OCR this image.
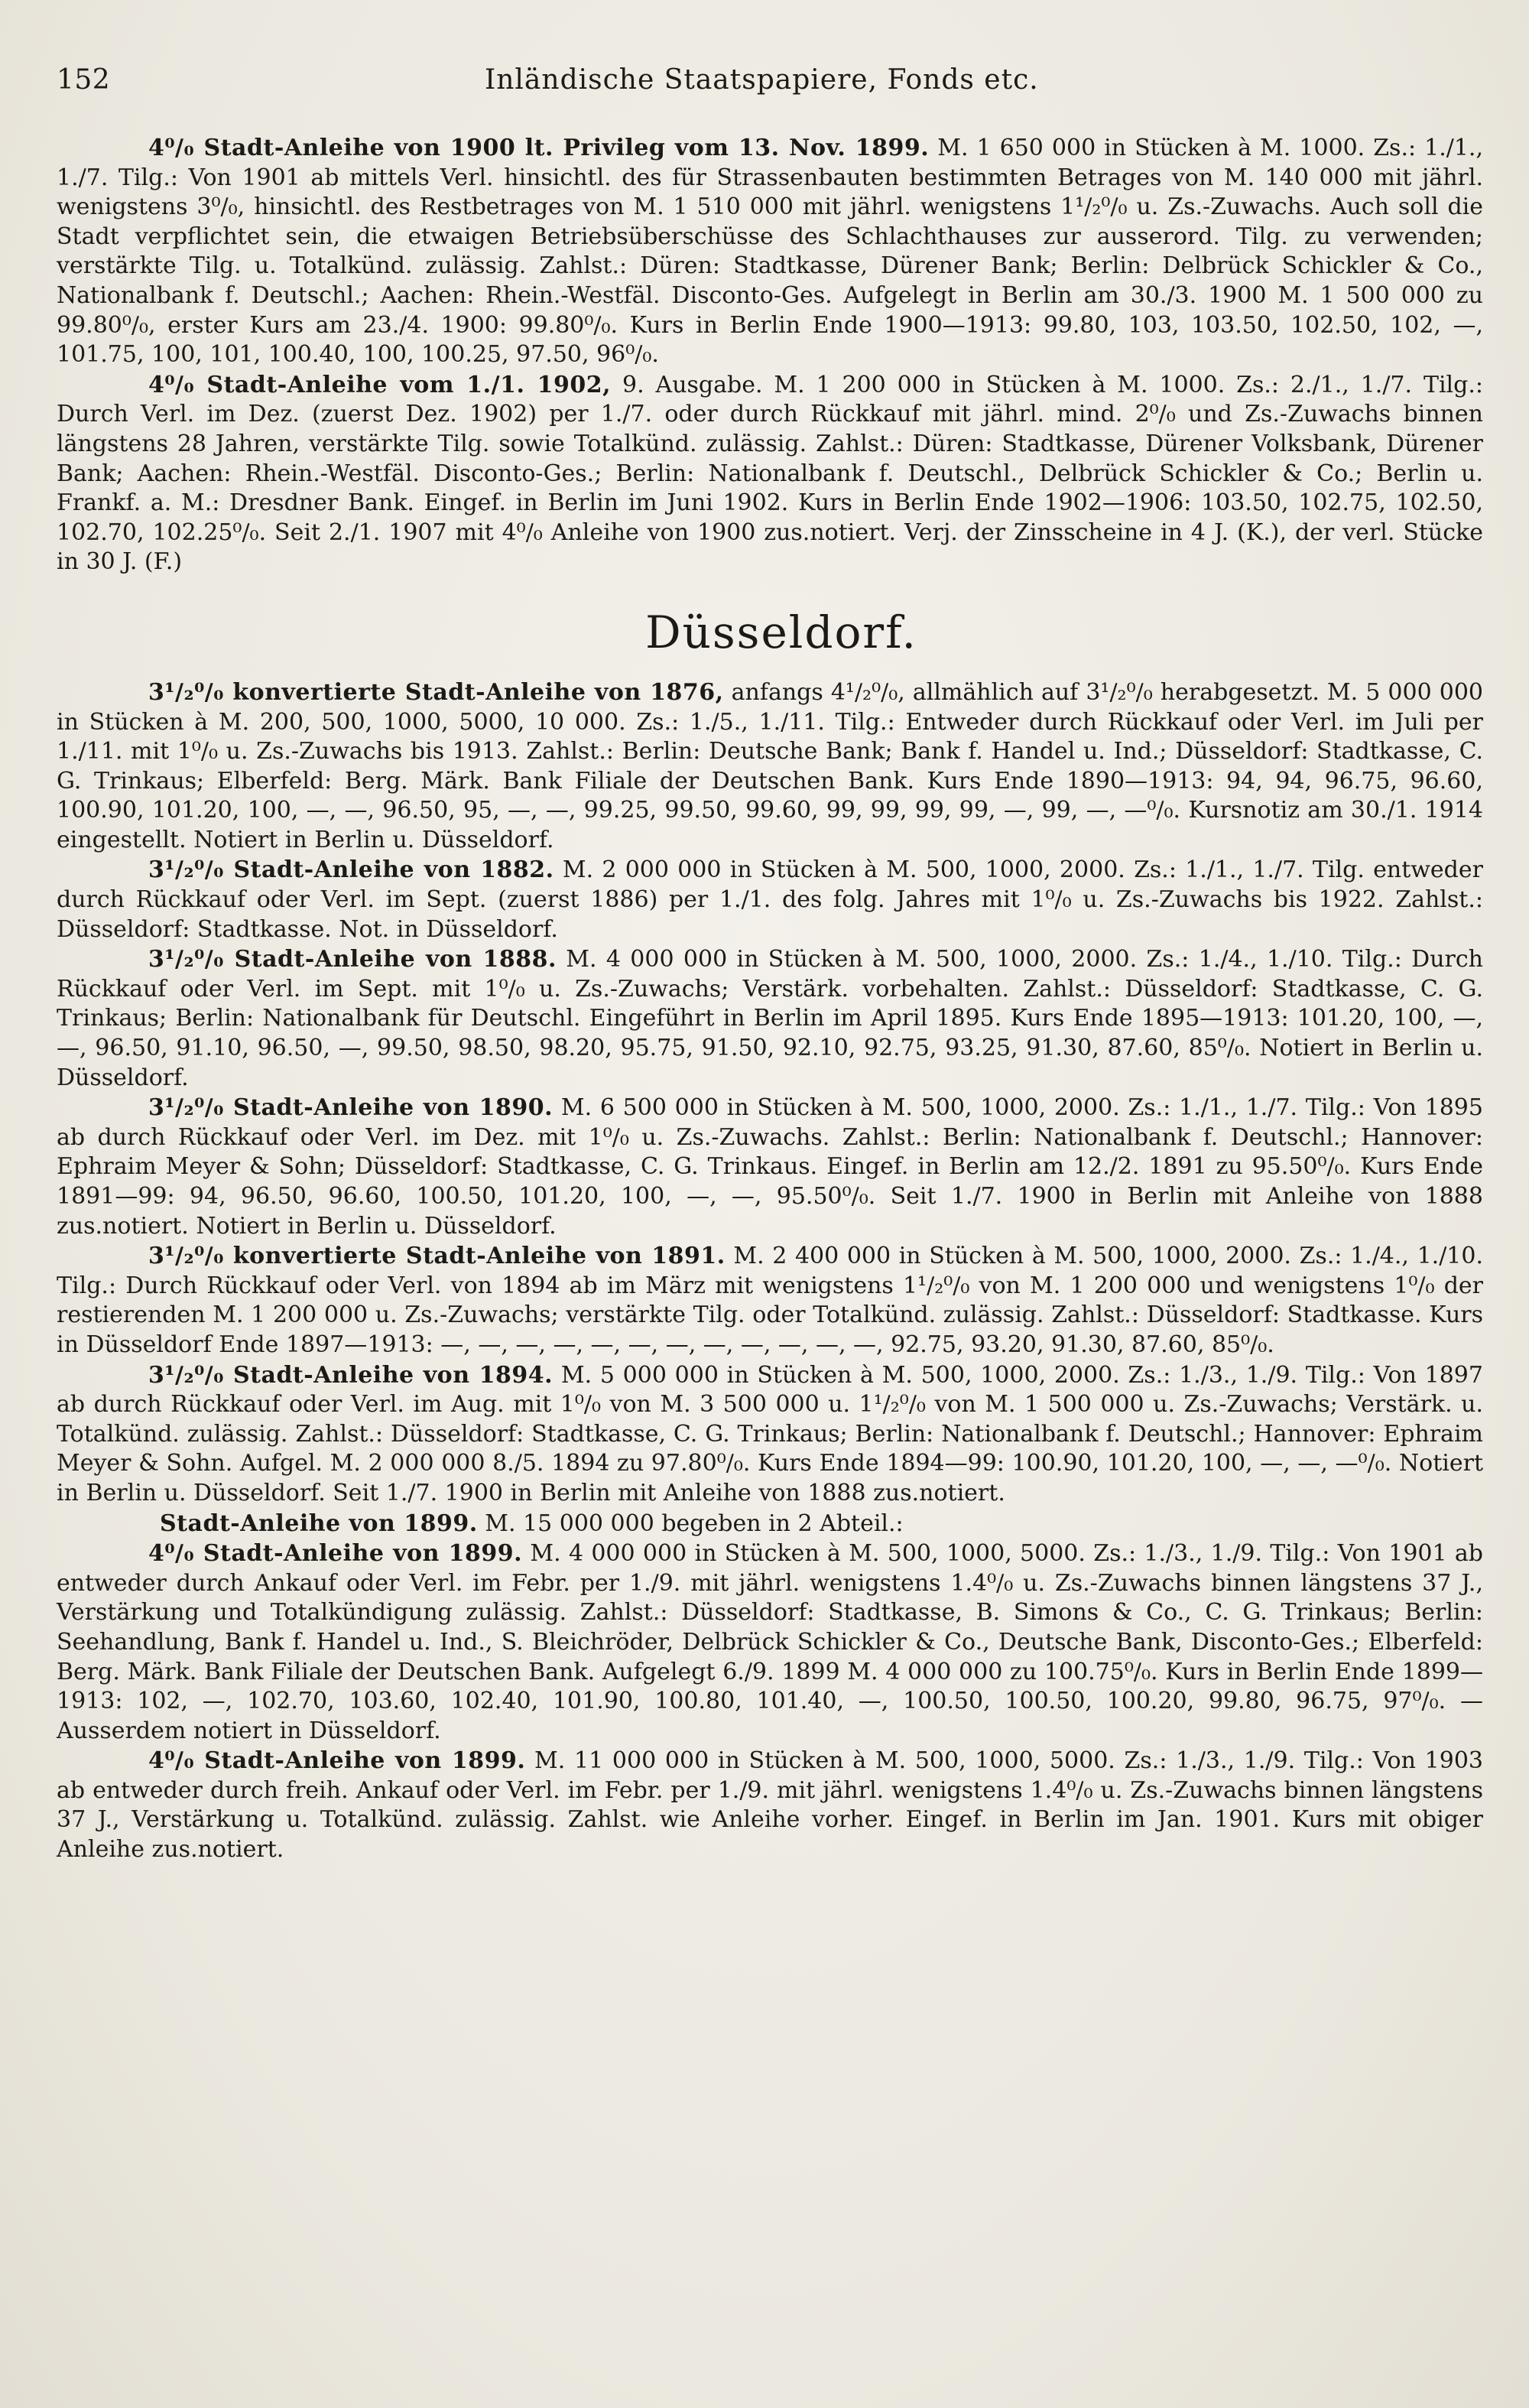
152	Inländische Staatspapiere, Fonds etc.

4⁰/₀ Stadt-Anleihe von 1900 lt. Privileg vom 13. Nov. 1899. M. 1 650 000 in Stücken à M. 1000. Zs.: 1./1., 1./7. Tilg.: Von 1901 ab mittels Verl. hinsichtl. des für Strassenbauten bestimmten Betrages von M. 140 000 mit jährl. wenigstens 3⁰/₀, hinsichtl. des Restbetrages von M. 1 510 000 mit jährl. wenigstens 1¹/₂⁰/₀ u. Zs.-Zuwachs. Auch soll die Stadt verpflichtet sein, die etwaigen Betriebsüberschüsse des Schlachthauses zur ausserord. Tilg. zu verwenden; verstärkte Tilg. u. Totalkünd. zulässig. Zahlst.: Düren: Stadtkasse, Dürener Bank; Berlin: Delbrück Schickler & Co., Nationalbank f. Deutschl.; Aachen: Rhein.-Westfäl. Disconto-Ges. Aufgelegt in Berlin am 30./3. 1900 M. 1 500 000 zu 99.80⁰/₀, erster Kurs am 23./4. 1900: 99.80⁰/₀. Kurs in Berlin Ende 1900—1913: 99.80, 103, 103.50, 102.50, 102, —, 101.75, 100, 101, 100.40, 100, 100.25, 97.50, 96⁰/₀.

4⁰/₀ Stadt-Anleihe vom 1./1. 1902, 9. Ausgabe. M. 1 200 000 in Stücken à M. 1000. Zs.: 2./1., 1./7. Tilg.: Durch Verl. im Dez. (zuerst Dez. 1902) per 1./7. oder durch Rückkauf mit jährl. mind. 2⁰/₀ und Zs.-Zuwachs binnen längstens 28 Jahren, verstärkte Tilg. sowie Totalkünd. zulässig. Zahlst.: Düren: Stadtkasse, Dürener Volksbank, Dürener Bank; Aachen: Rhein.-Westfäl. Disconto-Ges.; Berlin: Nationalbank f. Deutschl., Delbrück Schickler & Co.; Berlin u. Frankf. a. M.: Dresdner Bank. Eingef. in Berlin im Juni 1902. Kurs in Berlin Ende 1902—1906: 103.50, 102.75, 102.50, 102.70, 102.25⁰/₀. Seit 2./1. 1907 mit 4⁰/₀ Anleihe von 1900 zus.notiert. Verj. der Zinsscheine in 4 J. (K.), der verl. Stücke in 30 J. (F.)

Düsseldorf.

3¹/₂⁰/₀ konvertierte Stadt-Anleihe von 1876, anfangs 4¹/₂⁰/₀, allmählich auf 3¹/₂⁰/₀ herabgesetzt. M. 5 000 000 in Stücken à M. 200, 500, 1000, 5000, 10 000. Zs.: 1./5., 1./11. Tilg.: Entweder durch Rückkauf oder Verl. im Juli per 1./11. mit 1⁰/₀ u. Zs.-Zuwachs bis 1913. Zahlst.: Berlin: Deutsche Bank; Bank f. Handel u. Ind.; Düsseldorf: Stadtkasse, C. G. Trinkaus; Elberfeld: Berg. Märk. Bank Filiale der Deutschen Bank. Kurs Ende 1890—1913: 94, 94, 96.75, 96.60, 100.90, 101.20, 100, —, —, 96.50, 95, —, —, 99.25, 99.50, 99.60, 99, 99, 99, 99, —, 99, —, —⁰/₀. Kursnotiz am 30./1. 1914 eingestellt. Notiert in Berlin u. Düsseldorf.

3¹/₂⁰/₀ Stadt-Anleihe von 1882. M. 2 000 000 in Stücken à M. 500, 1000, 2000. Zs.: 1./1., 1./7. Tilg. entweder durch Rückkauf oder Verl. im Sept. (zuerst 1886) per 1./1. des folg. Jahres mit 1⁰/₀ u. Zs.-Zuwachs bis 1922. Zahlst.: Düsseldorf: Stadtkasse. Not. in Düsseldorf.

3¹/₂⁰/₀ Stadt-Anleihe von 1888. M. 4 000 000 in Stücken à M. 500, 1000, 2000. Zs.: 1./4., 1./10. Tilg.: Durch Rückkauf oder Verl. im Sept. mit 1⁰/₀ u. Zs.-Zuwachs; Verstärk. vorbehalten. Zahlst.: Düsseldorf: Stadtkasse, C. G. Trinkaus; Berlin: Nationalbank für Deutschl. Eingeführt in Berlin im April 1895. Kurs Ende 1895—1913: 101.20, 100, —, —, 96.50, 91.10, 96.50, —, 99.50, 98.50, 98.20, 95.75, 91.50, 92.10, 92.75, 93.25, 91.30, 87.60, 85⁰/₀. Notiert in Berlin u. Düsseldorf.

3¹/₂⁰/₀ Stadt-Anleihe von 1890. M. 6 500 000 in Stücken à M. 500, 1000, 2000. Zs.: 1./1., 1./7. Tilg.: Von 1895 ab durch Rückkauf oder Verl. im Dez. mit 1⁰/₀ u. Zs.-Zuwachs. Zahlst.: Berlin: Nationalbank f. Deutschl.; Hannover: Ephraim Meyer & Sohn; Düsseldorf: Stadtkasse, C. G. Trinkaus. Eingef. in Berlin am 12./2. 1891 zu 95.50⁰/₀. Kurs Ende 1891—99: 94, 96.50, 96.60, 100.50, 101.20, 100, —, —, 95.50⁰/₀. Seit 1./7. 1900 in Berlin mit Anleihe von 1888 zus.notiert. Notiert in Berlin u. Düsseldorf.

3¹/₂⁰/₀ konvertierte Stadt-Anleihe von 1891. M. 2 400 000 in Stücken à M. 500, 1000, 2000. Zs.: 1./4., 1./10. Tilg.: Durch Rückkauf oder Verl. von 1894 ab im März mit wenigstens 1¹/₂⁰/₀ von M. 1 200 000 und wenigstens 1⁰/₀ der restierenden M. 1 200 000 u. Zs.-Zuwachs; verstärkte Tilg. oder Totalkünd. zulässig. Zahlst.: Düsseldorf: Stadtkasse. Kurs in Düsseldorf Ende 1897—1913: —, —, —, —, —, —, —, —, —, —, —, —, 92.75, 93.20, 91.30, 87.60, 85⁰/₀.

3¹/₂⁰/₀ Stadt-Anleihe von 1894. M. 5 000 000 in Stücken à M. 500, 1000, 2000. Zs.: 1./3., 1./9. Tilg.: Von 1897 ab durch Rückkauf oder Verl. im Aug. mit 1⁰/₀ von M. 3 500 000 u. 1¹/₂⁰/₀ von M. 1 500 000 u. Zs.-Zuwachs; Verstärk. u. Totalkünd. zulässig. Zahlst.: Düsseldorf: Stadtkasse, C. G. Trinkaus; Berlin: Nationalbank f. Deutschl.; Hannover: Ephraim Meyer & Sohn. Aufgel. M. 2 000 000 8./5. 1894 zu 97.80⁰/₀. Kurs Ende 1894—99: 100.90, 101.20, 100, —, —, —⁰/₀. Notiert in Berlin u. Düsseldorf. Seit 1./7. 1900 in Berlin mit Anleihe von 1888 zus.notiert.

Stadt-Anleihe von 1899. M. 15 000 000 begeben in 2 Abteil.:

4⁰/₀ Stadt-Anleihe von 1899. M. 4 000 000 in Stücken à M. 500, 1000, 5000. Zs.: 1./3., 1./9. Tilg.: Von 1901 ab entweder durch Ankauf oder Verl. im Febr. per 1./9. mit jährl. wenigstens 1.4⁰/₀ u. Zs.-Zuwachs binnen längstens 37 J., Verstärkung und Totalkündigung zulässig. Zahlst.: Düsseldorf: Stadtkasse, B. Simons & Co., C. G. Trinkaus; Berlin: Seehandlung, Bank f. Handel u. Ind., S. Bleichröder, Delbrück Schickler & Co., Deutsche Bank, Disconto-Ges.; Elberfeld: Berg. Märk. Bank Filiale der Deutschen Bank. Aufgelegt 6./9. 1899 M. 4 000 000 zu 100.75⁰/₀. Kurs in Berlin Ende 1899—1913: 102, —, 102.70, 103.60, 102.40, 101.90, 100.80, 101.40, —, 100.50, 100.50, 100.20, 99.80, 96.75, 97⁰/₀. — Ausserdem notiert in Düsseldorf.

4⁰/₀ Stadt-Anleihe von 1899. M. 11 000 000 in Stücken à M. 500, 1000, 5000. Zs.: 1./3., 1./9. Tilg.: Von 1903 ab entweder durch freih. Ankauf oder Verl. im Febr. per 1./9. mit jährl. wenigstens 1.4⁰/₀ u. Zs.-Zuwachs binnen längstens 37 J., Verstärkung u. Totalkünd. zulässig. Zahlst. wie Anleihe vorher. Eingef. in Berlin im Jan. 1901. Kurs mit obiger Anleihe zus.notiert.
